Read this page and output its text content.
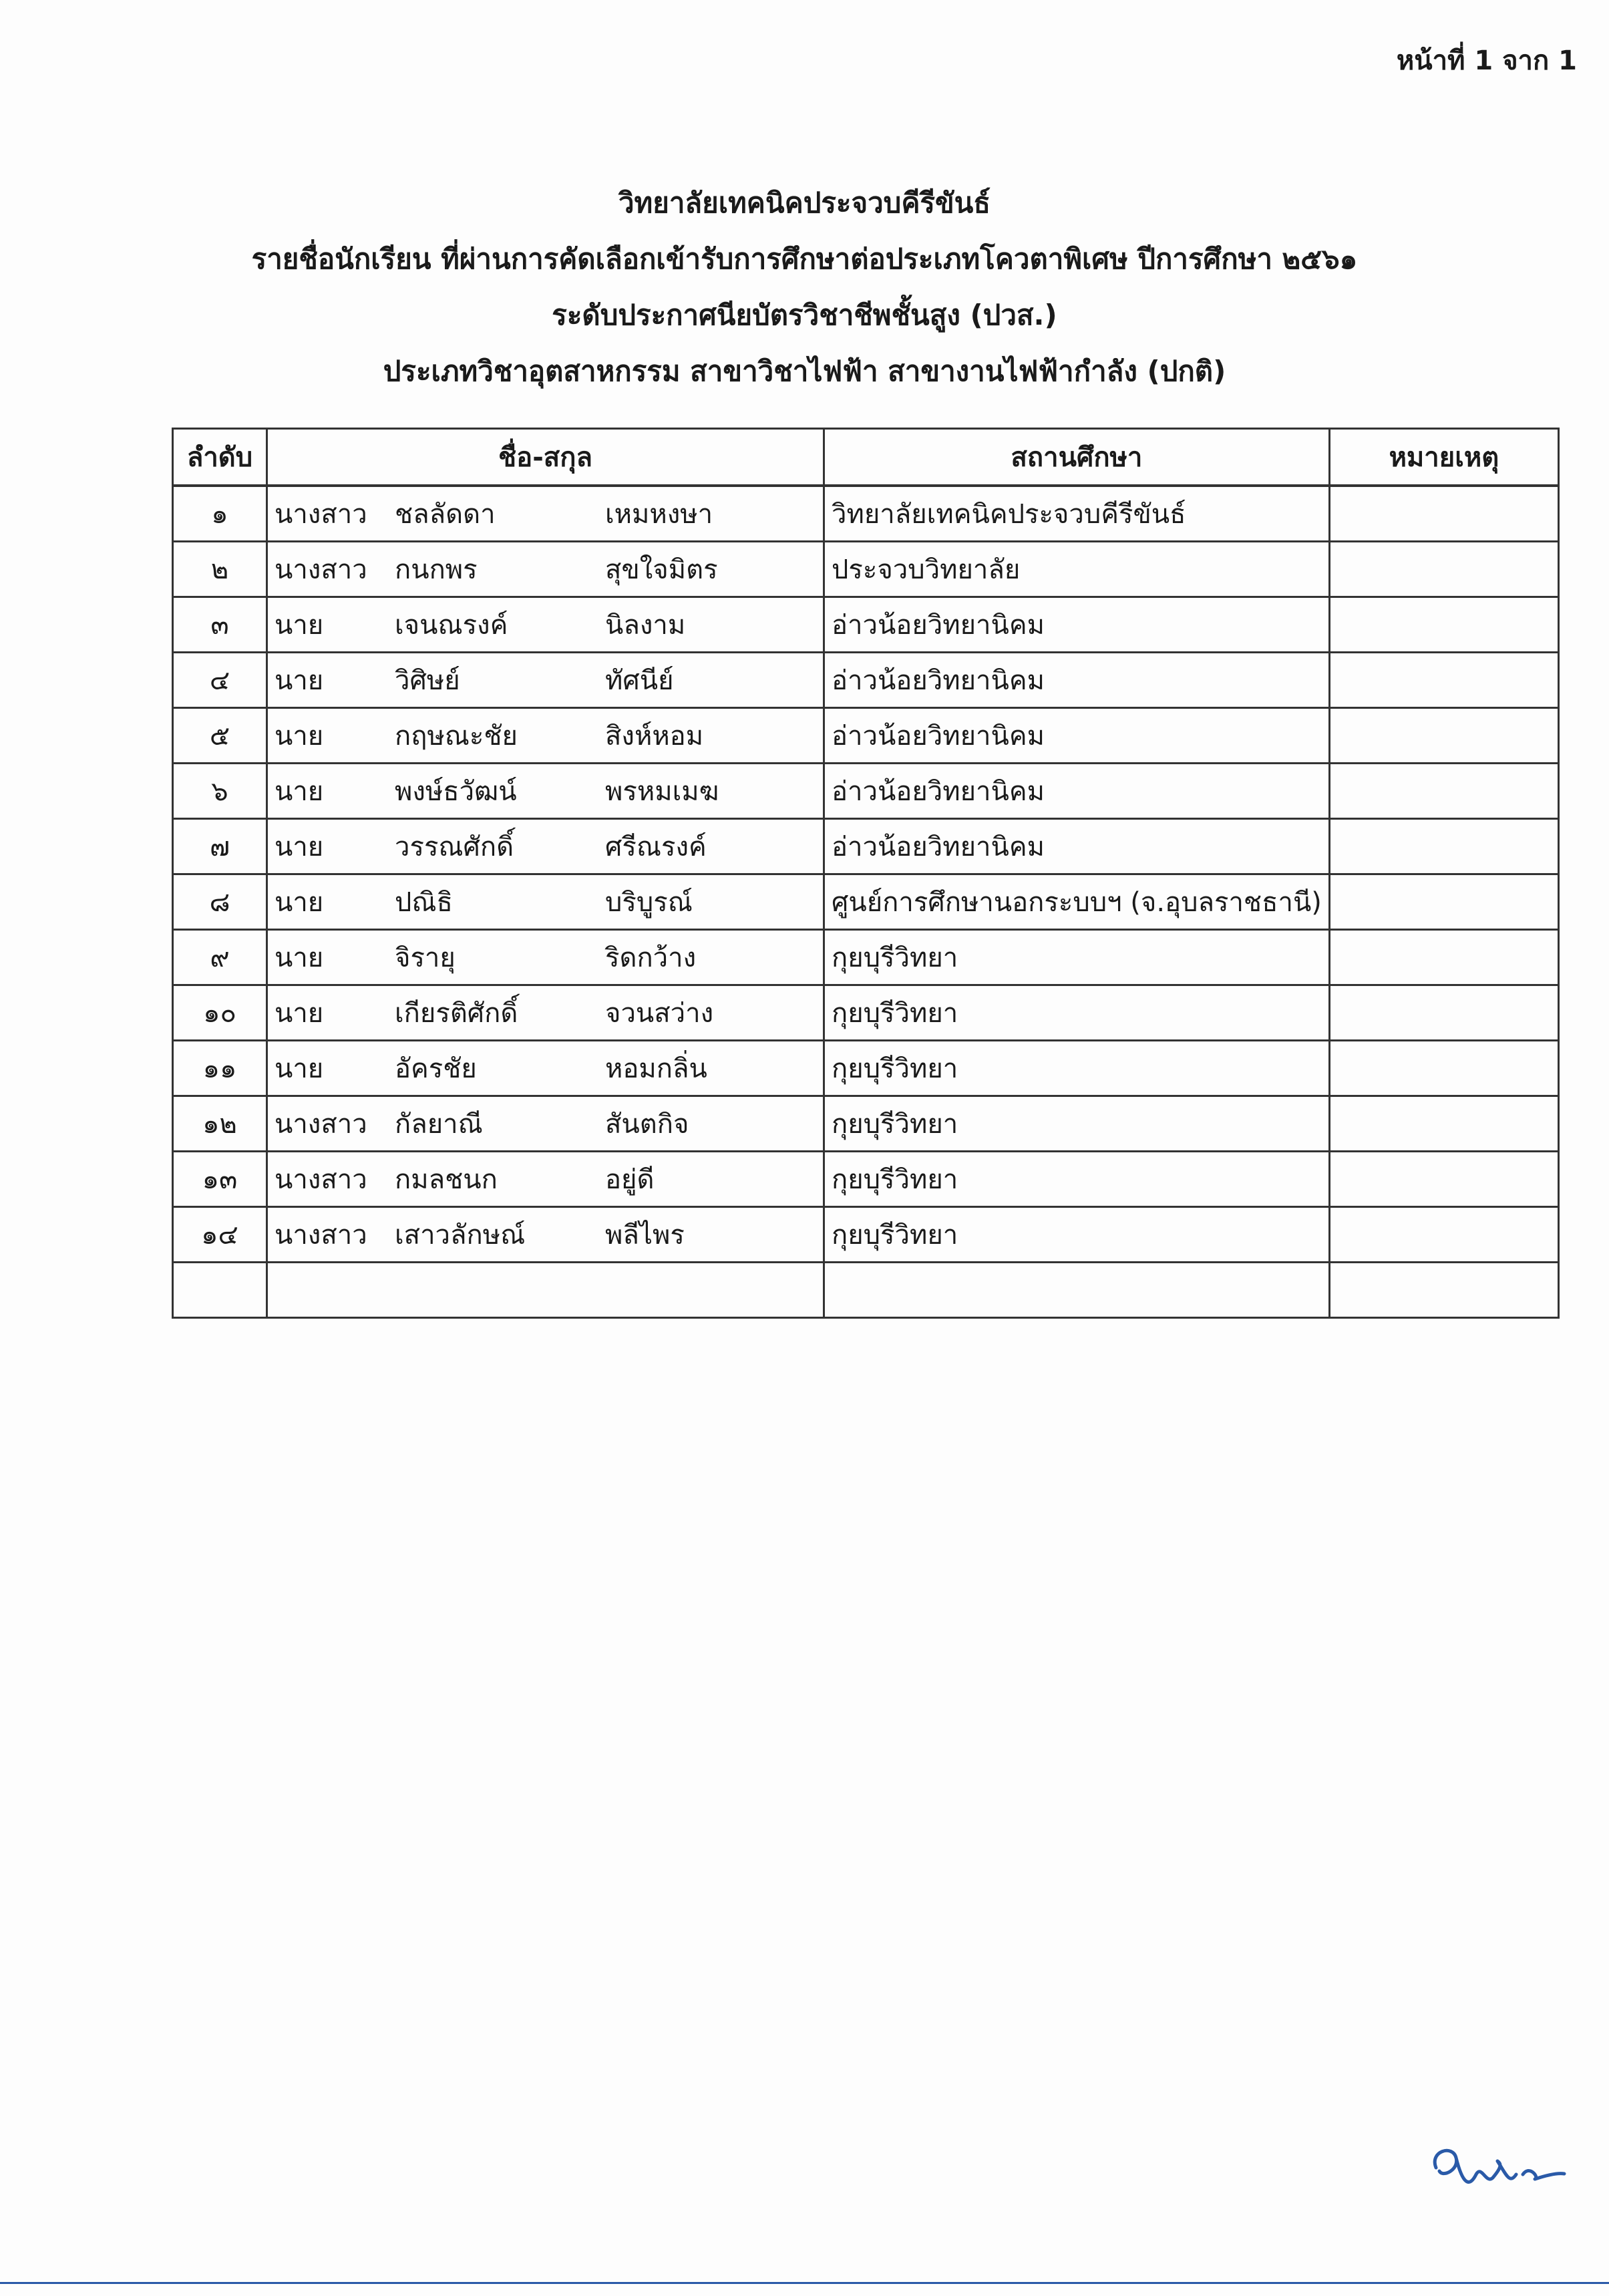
หน้าที่ 1 จาก 1
วิทยาลัยเทคนิคประจวบคีรีขันธ์
รายชื่อนักเรียน ที่ผ่านการคัดเลือกเข้ารับการศึกษาต่อประเภทโควตาพิเศษ ปีการศึกษา ๒๕๖๑
ระดับประกาศนียบัตรวิชาชีพชั้นสูง (ปวส.)
ประเภทวิชาอุตสาหกรรม สาขาวิชาไฟฟ้า สาขางานไฟฟ้ากำลัง (ปกติ)
ลำดับ	ชื่อ-สกุล	สถานศึกษา	หมายเหตุ
๑	นางสาว ชลลัดดา เหมหงษา	วิทยาลัยเทคนิคประจวบคีรีขันธ์	
๒	นางสาว กนกพร สุขใจมิตร	ประจวบวิทยาลัย	
๓	นาย เจนณรงค์ นิลงาม	อ่าวน้อยวิทยานิคม	
๔	นาย วิศิษย์ ทัศนีย์	อ่าวน้อยวิทยานิคม	
๕	นาย กฤษณะชัย สิงห์หอม	อ่าวน้อยวิทยานิคม	
๖	นาย พงษ์ธวัฒน์ พรหมเมฆ	อ่าวน้อยวิทยานิคม	
๗	นาย วรรณศักดิ์ ศรีณรงค์	อ่าวน้อยวิทยานิคม	
๘	นาย ปณิธิ บริบูรณ์	ศูนย์การศึกษานอกระบบฯ (จ.อุบลราชธานี)	
๙	นาย จิรายุ ริดกว้าง	กุยบุรีวิทยา	
๑๐	นาย เกียรติศักดิ์ จวนสว่าง	กุยบุรีวิทยา	
๑๑	นาย อัครชัย หอมกลิ่น	กุยบุรีวิทยา	
๑๒	นางสาว กัลยาณี สันตกิจ	กุยบุรีวิทยา	
๑๓	นางสาว กมลชนก อยู่ดี	กุยบุรีวิทยา	
๑๔	นางสาว เสาวลักษณ์ พลีไพร	กุยบุรีวิทยา	
